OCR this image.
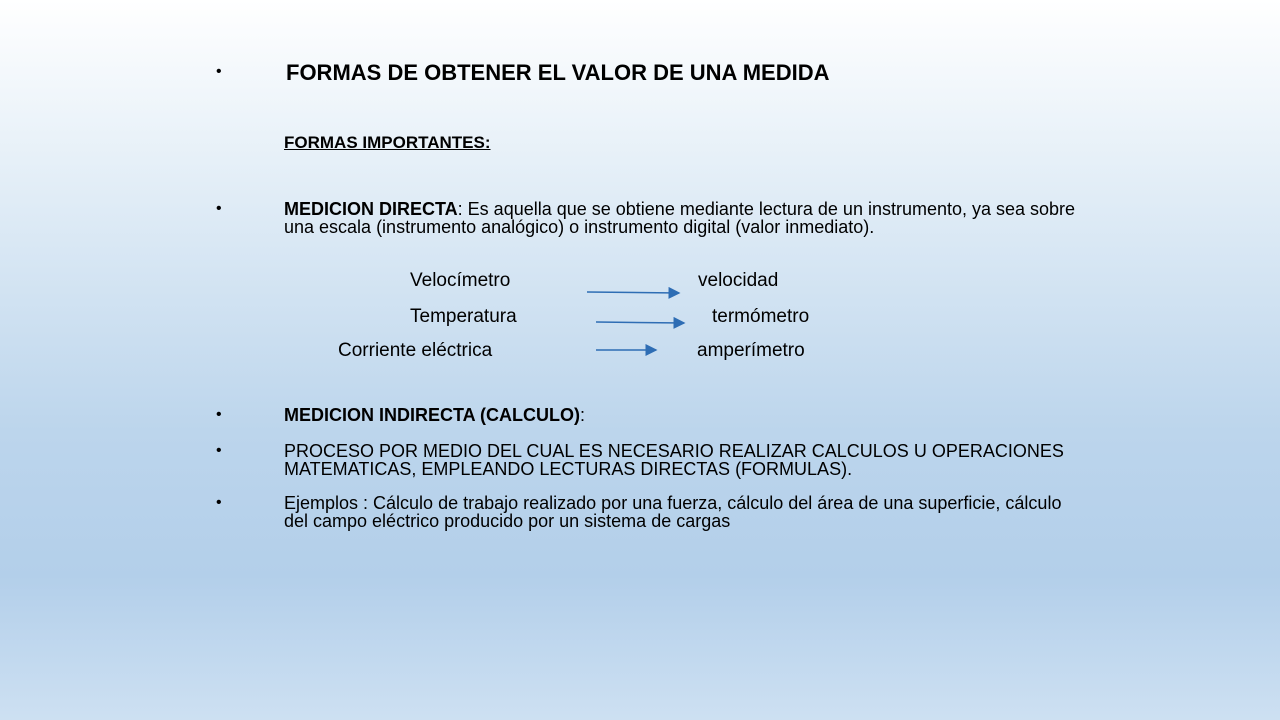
•	FORMAS DE OBTENER EL VALOR DE UNA MEDIDA
FORMAS IMPORTANTES:
•	MEDICION DIRECTA: Es aquella que se obtiene mediante lectura de un instrumento, ya sea sobre una escala (instrumento analógico) o instrumento digital (valor inmediato).
Velocímetro	velocidad
Temperatura	termómetro
Corriente eléctrica	amperímetro
•	MEDICION INDIRECTA (CALCULO):
•	PROCESO POR MEDIO DEL CUAL ES NECESARIO REALIZAR CALCULOS U OPERACIONES MATEMATICAS, EMPLEANDO LECTURAS DIRECTAS (FORMULAS).
•	Ejemplos : Cálculo de trabajo realizado por una fuerza, cálculo del área de una superficie, cálculo del campo eléctrico producido por un sistema de cargas
